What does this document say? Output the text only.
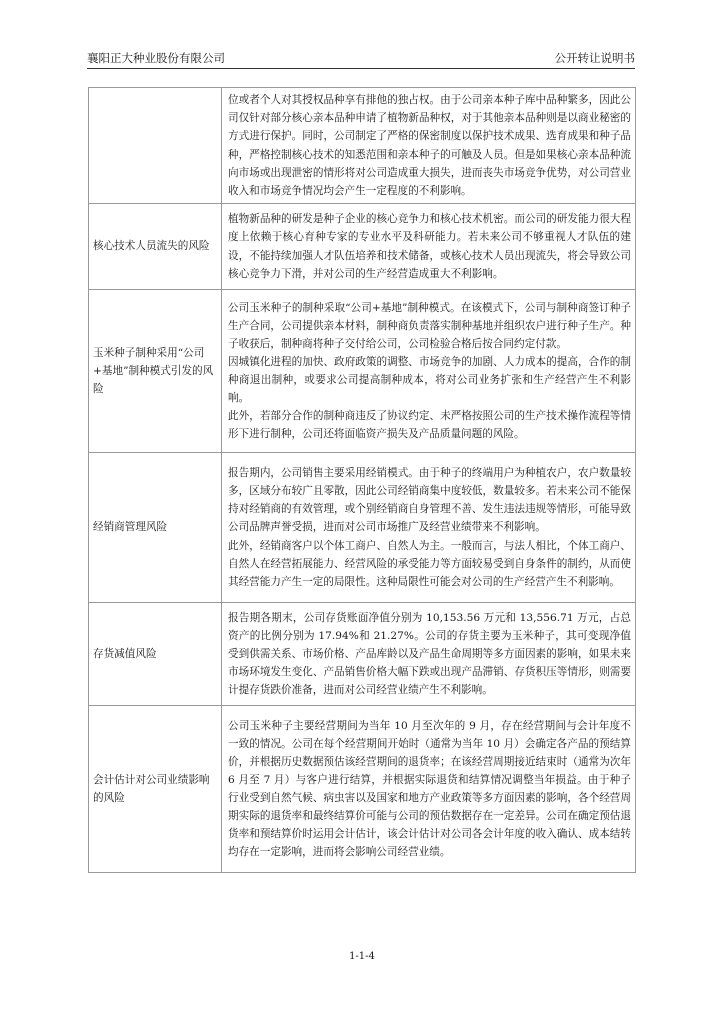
襄阳正大种业股份有限公司	公开转让说明书

	位或者个人对其授权品种享有排他的独占权。由于公司亲本种子库中品种繁多，因此公司仅针对部分核心亲本品种申请了植物新品种权，对于其他亲本品种则是以商业秘密的方式进行保护。同时，公司制定了严格的保密制度以保护技术成果、选育成果和种子品种，严格控制核心技术的知悉范围和亲本种子的可触及人员。但是如果核心亲本品种流向市场或出现泄密的情形将对公司造成重大损失，进而丧失市场竞争优势，对公司营业收入和市场竞争情况均会产生一定程度的不利影响。

核心技术人员流失的风险	植物新品种的研发是种子企业的核心竞争力和核心技术机密。而公司的研发能力很大程度上依赖于核心育种专家的专业水平及科研能力。若未来公司不够重视人才队伍的建设，不能持续加强人才队伍培养和技术储备，或核心技术人员出现流失，将会导致公司核心竞争力下滑，并对公司的生产经营造成重大不利影响。

玉米种子制种采用“公司+基地”制种模式引发的风险	公司玉米种子的制种采取“公司+基地”制种模式。在该模式下，公司与制种商签订种子生产合同，公司提供亲本材料，制种商负责落实制种基地并组织农户进行种子生产。种子收获后，制种商将种子交付给公司，公司检验合格后按合同约定付款。

因城镇化进程的加快、政府政策的调整、市场竞争的加剧、人力成本的提高，合作的制种商退出制种，或要求公司提高制种成本，将对公司业务扩张和生产经营产生不利影响。

此外，若部分合作的制种商违反了协议约定、未严格按照公司的生产技术操作流程等情形下进行制种，公司还将面临资产损失及产品质量问题的风险。

经销商管理风险	报告期内，公司销售主要采用经销模式。由于种子的终端用户为种植农户，农户数量较多，区域分布较广且零散，因此公司经销商集中度较低，数量较多。若未来公司不能保持对经销商的有效管理，或个别经销商自身管理不善、发生违法违规等情形，可能导致公司品牌声誉受损，进而对公司市场推广及经营业绩带来不利影响。

此外，经销商客户以个体工商户、自然人为主。一般而言，与法人相比，个体工商户、自然人在经营拓展能力、经营风险的承受能力等方面较易受到自身条件的制约，从而使其经营能力产生一定的局限性。这种局限性可能会对公司的生产经营产生不利影响。

存货减值风险	报告期各期末，公司存货账面净值分别为 10,153.56 万元和 13,556.71 万元，占总资产的比例分别为 17.94%和 21.27%。公司的存货主要为玉米种子，其可变现净值受到供需关系、市场价格、产品库龄以及产品生命周期等多方面因素的影响，如果未来市场环境发生变化、产品销售价格大幅下跌或出现产品滞销、存货积压等情形，则需要计提存货跌价准备，进而对公司经营业绩产生不利影响。

会计估计对公司业绩影响的风险	公司玉米种子主要经营期间为当年 10 月至次年的 9 月，存在经营期间与会计年度不一致的情况。公司在每个经营期间开始时（通常为当年 10 月）会确定各产品的预结算价，并根据历史数据预估该经营期间的退货率；在该经营周期接近结束时（通常为次年 6 月至 7 月）与客户进行结算，并根据实际退货和结算情况调整当年损益。由于种子行业受到自然气候、病虫害以及国家和地方产业政策等多方面因素的影响，各个经营周期实际的退货率和最终结算价可能与公司的预估数据存在一定差异。公司在确定预估退货率和预结算价时运用会计估计，该会计估计对公司各会计年度的收入确认、成本结转均存在一定影响，进而将会影响公司经营业绩。

1-1-4
